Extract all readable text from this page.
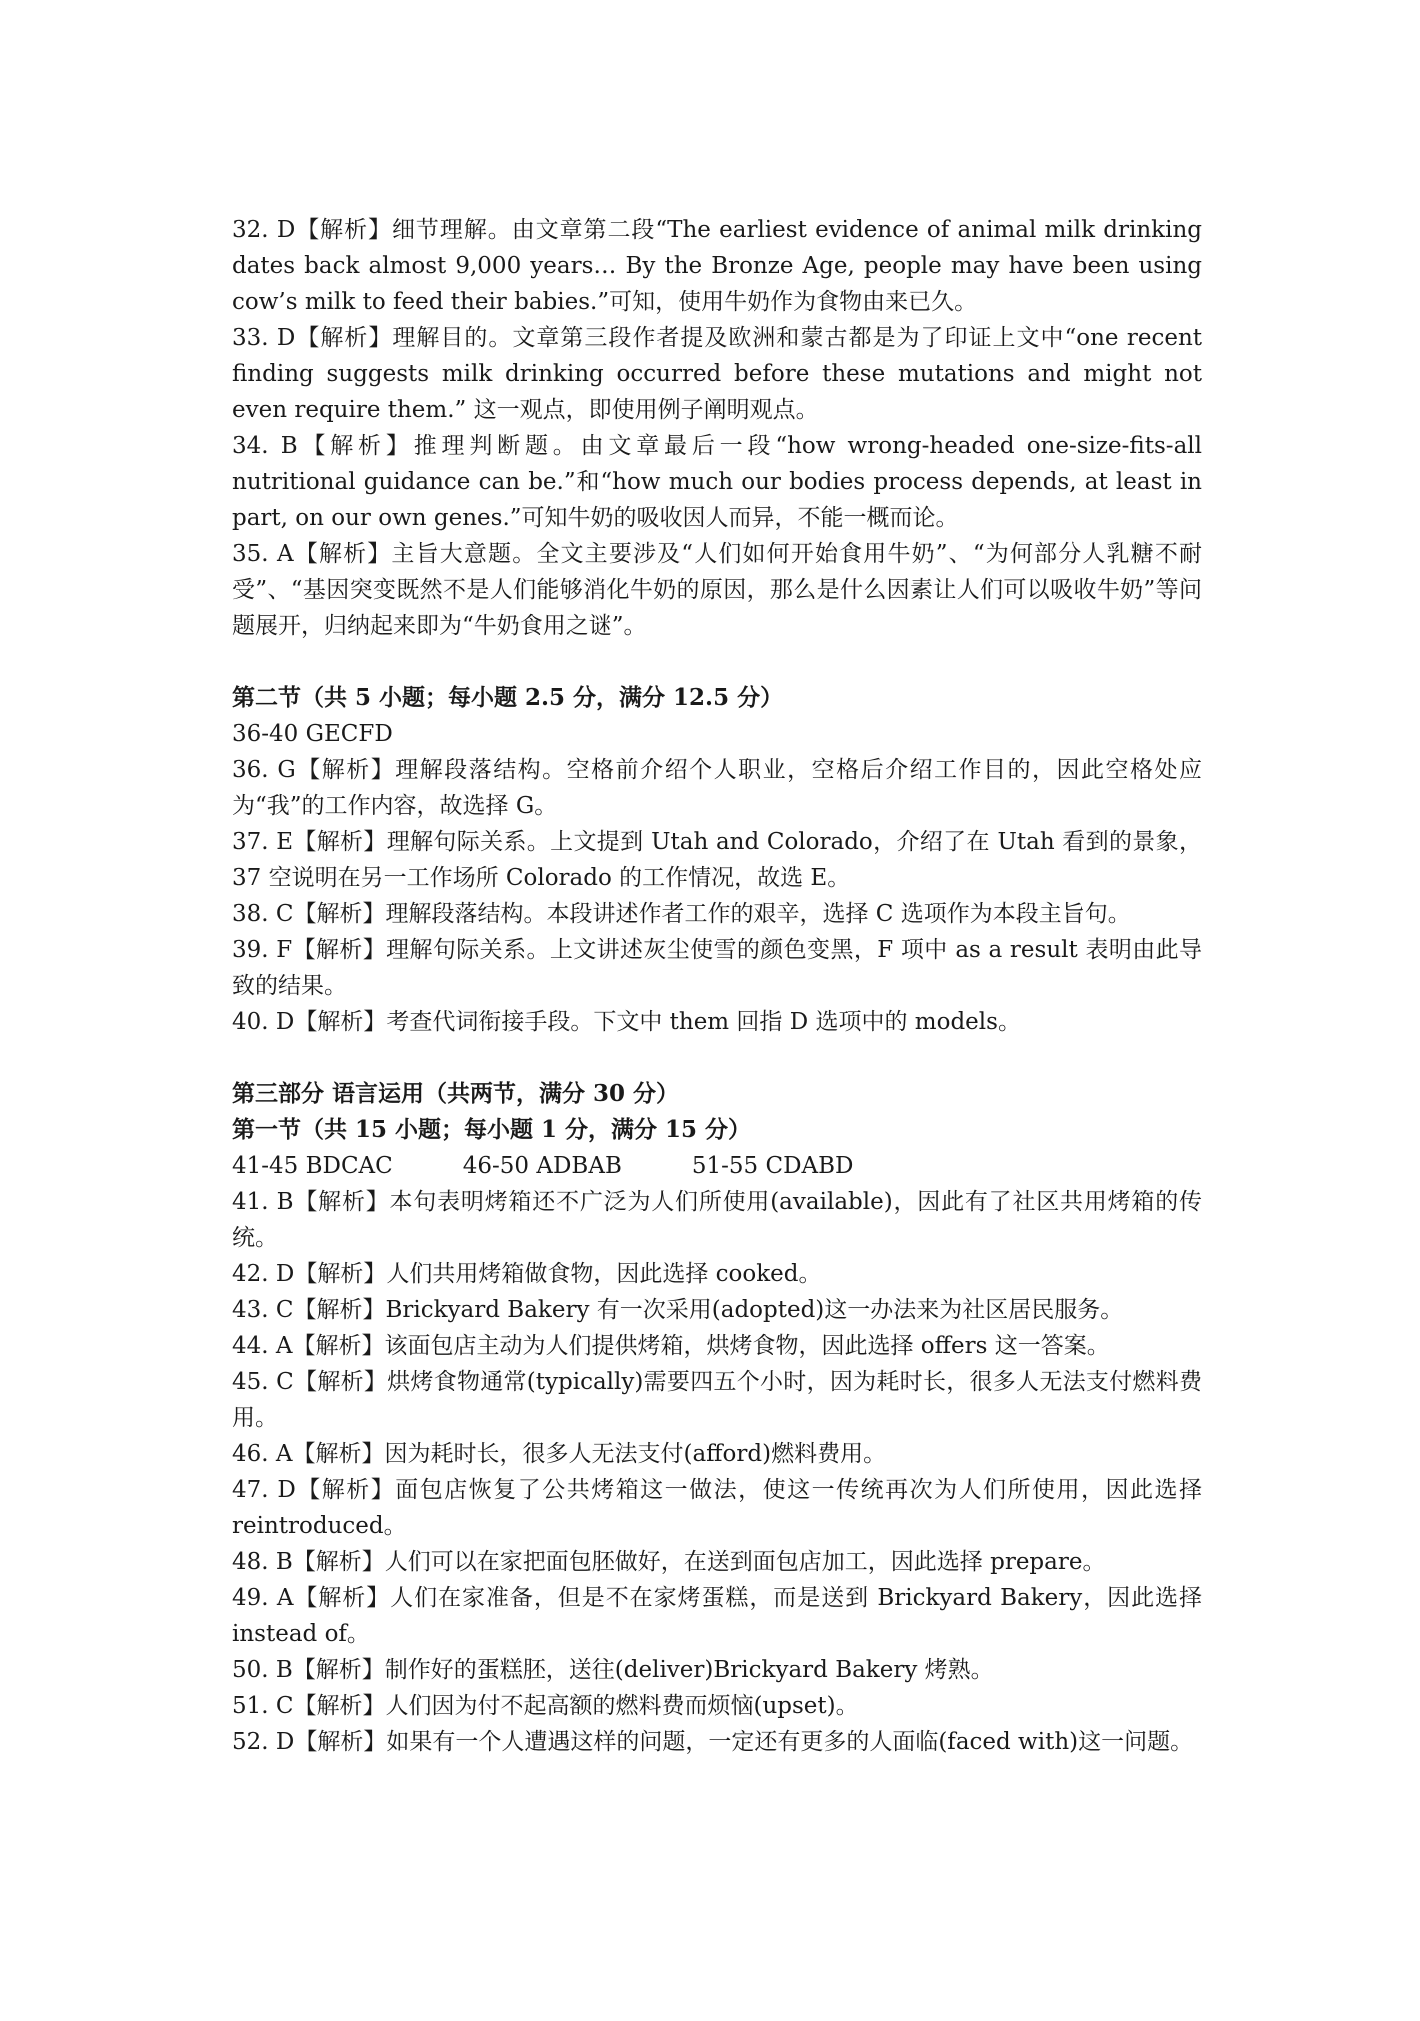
32. D【解析】细节理解。由文章第二段“The earliest evidence of animal milk drinking dates back almost 9,000 years… By the Bronze Age, people may have been using cow’s milk to feed their babies.”可知，使用牛奶作为食物由来已久。

33. D【解析】理解目的。文章第三段作者提及欧洲和蒙古都是为了印证上文中“one recent finding suggests milk drinking occurred before these mutations and might not even require them.” 这一观点，即使用例子阐明观点。

34. B【解析】推理判断题。由文章最后一段“how wrong-headed one-size-fits-all nutritional guidance can be.”和“how much our bodies process depends, at least in part, on our own genes.”可知牛奶的吸收因人而异，不能一概而论。

35. A【解析】主旨大意题。全文主要涉及“人们如何开始食用牛奶”、“为何部分人乳糖不耐受”、“基因突变既然不是人们能够消化牛奶的原因，那么是什么因素让人们可以吸收牛奶”等问题展开，归纳起来即为“牛奶食用之谜”。

第二节（共 5 小题；每小题 2.5 分，满分 12.5 分）

36-40 GECFD

36. G【解析】理解段落结构。空格前介绍个人职业，空格后介绍工作目的，因此空格处应为“我”的工作内容，故选择 G。

37. E【解析】理解句际关系。上文提到 Utah and Colorado，介绍了在 Utah 看到的景象，37 空说明在另一工作场所 Colorado 的工作情况，故选 E。

38. C【解析】理解段落结构。本段讲述作者工作的艰辛，选择 C 选项作为本段主旨句。

39. F【解析】理解句际关系。上文讲述灰尘使雪的颜色变黑，F 项中 as a result 表明由此导致的结果。

40. D【解析】考查代词衔接手段。下文中 them 回指 D 选项中的 models。

第三部分 语言运用（共两节，满分 30 分）

第一节（共 15 小题；每小题 1 分，满分 15 分）

41-45 BDCAC	46-50 ADBAB	51-55 CDABD

41. B【解析】本句表明烤箱还不广泛为人们所使用(available)，因此有了社区共用烤箱的传统。

42. D【解析】人们共用烤箱做食物，因此选择 cooked。

43. C【解析】Brickyard Bakery 有一次采用(adopted)这一办法来为社区居民服务。

44. A【解析】该面包店主动为人们提供烤箱，烘烤食物，因此选择 offers 这一答案。

45. C【解析】烘烤食物通常(typically)需要四五个小时，因为耗时长，很多人无法支付燃料费用。

46. A【解析】因为耗时长，很多人无法支付(afford)燃料费用。

47. D【解析】面包店恢复了公共烤箱这一做法，使这一传统再次为人们所使用，因此选择 reintroduced。

48. B【解析】人们可以在家把面包胚做好，在送到面包店加工，因此选择 prepare。

49. A【解析】人们在家准备，但是不在家烤蛋糕，而是送到 Brickyard Bakery，因此选择 instead of。

50. B【解析】制作好的蛋糕胚，送往(deliver)Brickyard Bakery 烤熟。

51. C【解析】人们因为付不起高额的燃料费而烦恼(upset)。

52. D【解析】如果有一个人遭遇这样的问题，一定还有更多的人面临(faced with)这一问题。
